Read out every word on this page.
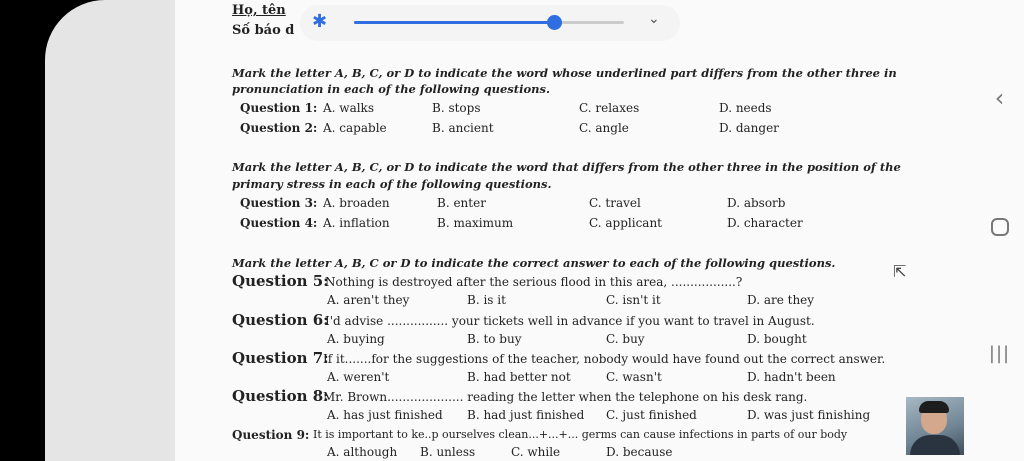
Họ, tên
Số báo d ✱	⌄
Mark the letter A, B, C, or D to indicate the word whose underlined part differs from the other three in
pronunciation in each of the following questions.
Question 1: A. walks	B. stops	C. relaxes	D. needs
Question 2: A. capable	B. ancient	C. angle	D. danger
Mark the letter A, B, C, or D to indicate the word that differs from the other three in the position of the
primary stress in each of the following questions.
Question 3: A. broaden	B. enter	C. travel	D. absorb
Question 4: A. inflation	B. maximum	C. applicant	D. character
Mark the letter A, B, C or D to indicate the correct answer to each of the following questions.
Question 5:
Nothing is destroyed after the serious flood in this area, .................?
A. aren't they	B. is it	C. isn't it	D. are they
Question 6:
I'd advise ................ your tickets well in advance if you want to travel in August.
A. buying	B. to buy	C. buy	D. bought
Question 7:
If it.......for the suggestions of the teacher, nobody would have found out the correct answer.
A. weren't	B. had better not	C. wasn't	D. hadn't been
Question 8:
Mr. Brown.................... reading the letter when the telephone on his desk rang.
A. has just finished B. had just finished C. just finished	D. was just finishing
Question 9: It is important to ke..p ourselves clean...+...+... germs can cause infections in parts of our body
A. although B. unless	C. while	D. because
⇱
‹
|||
